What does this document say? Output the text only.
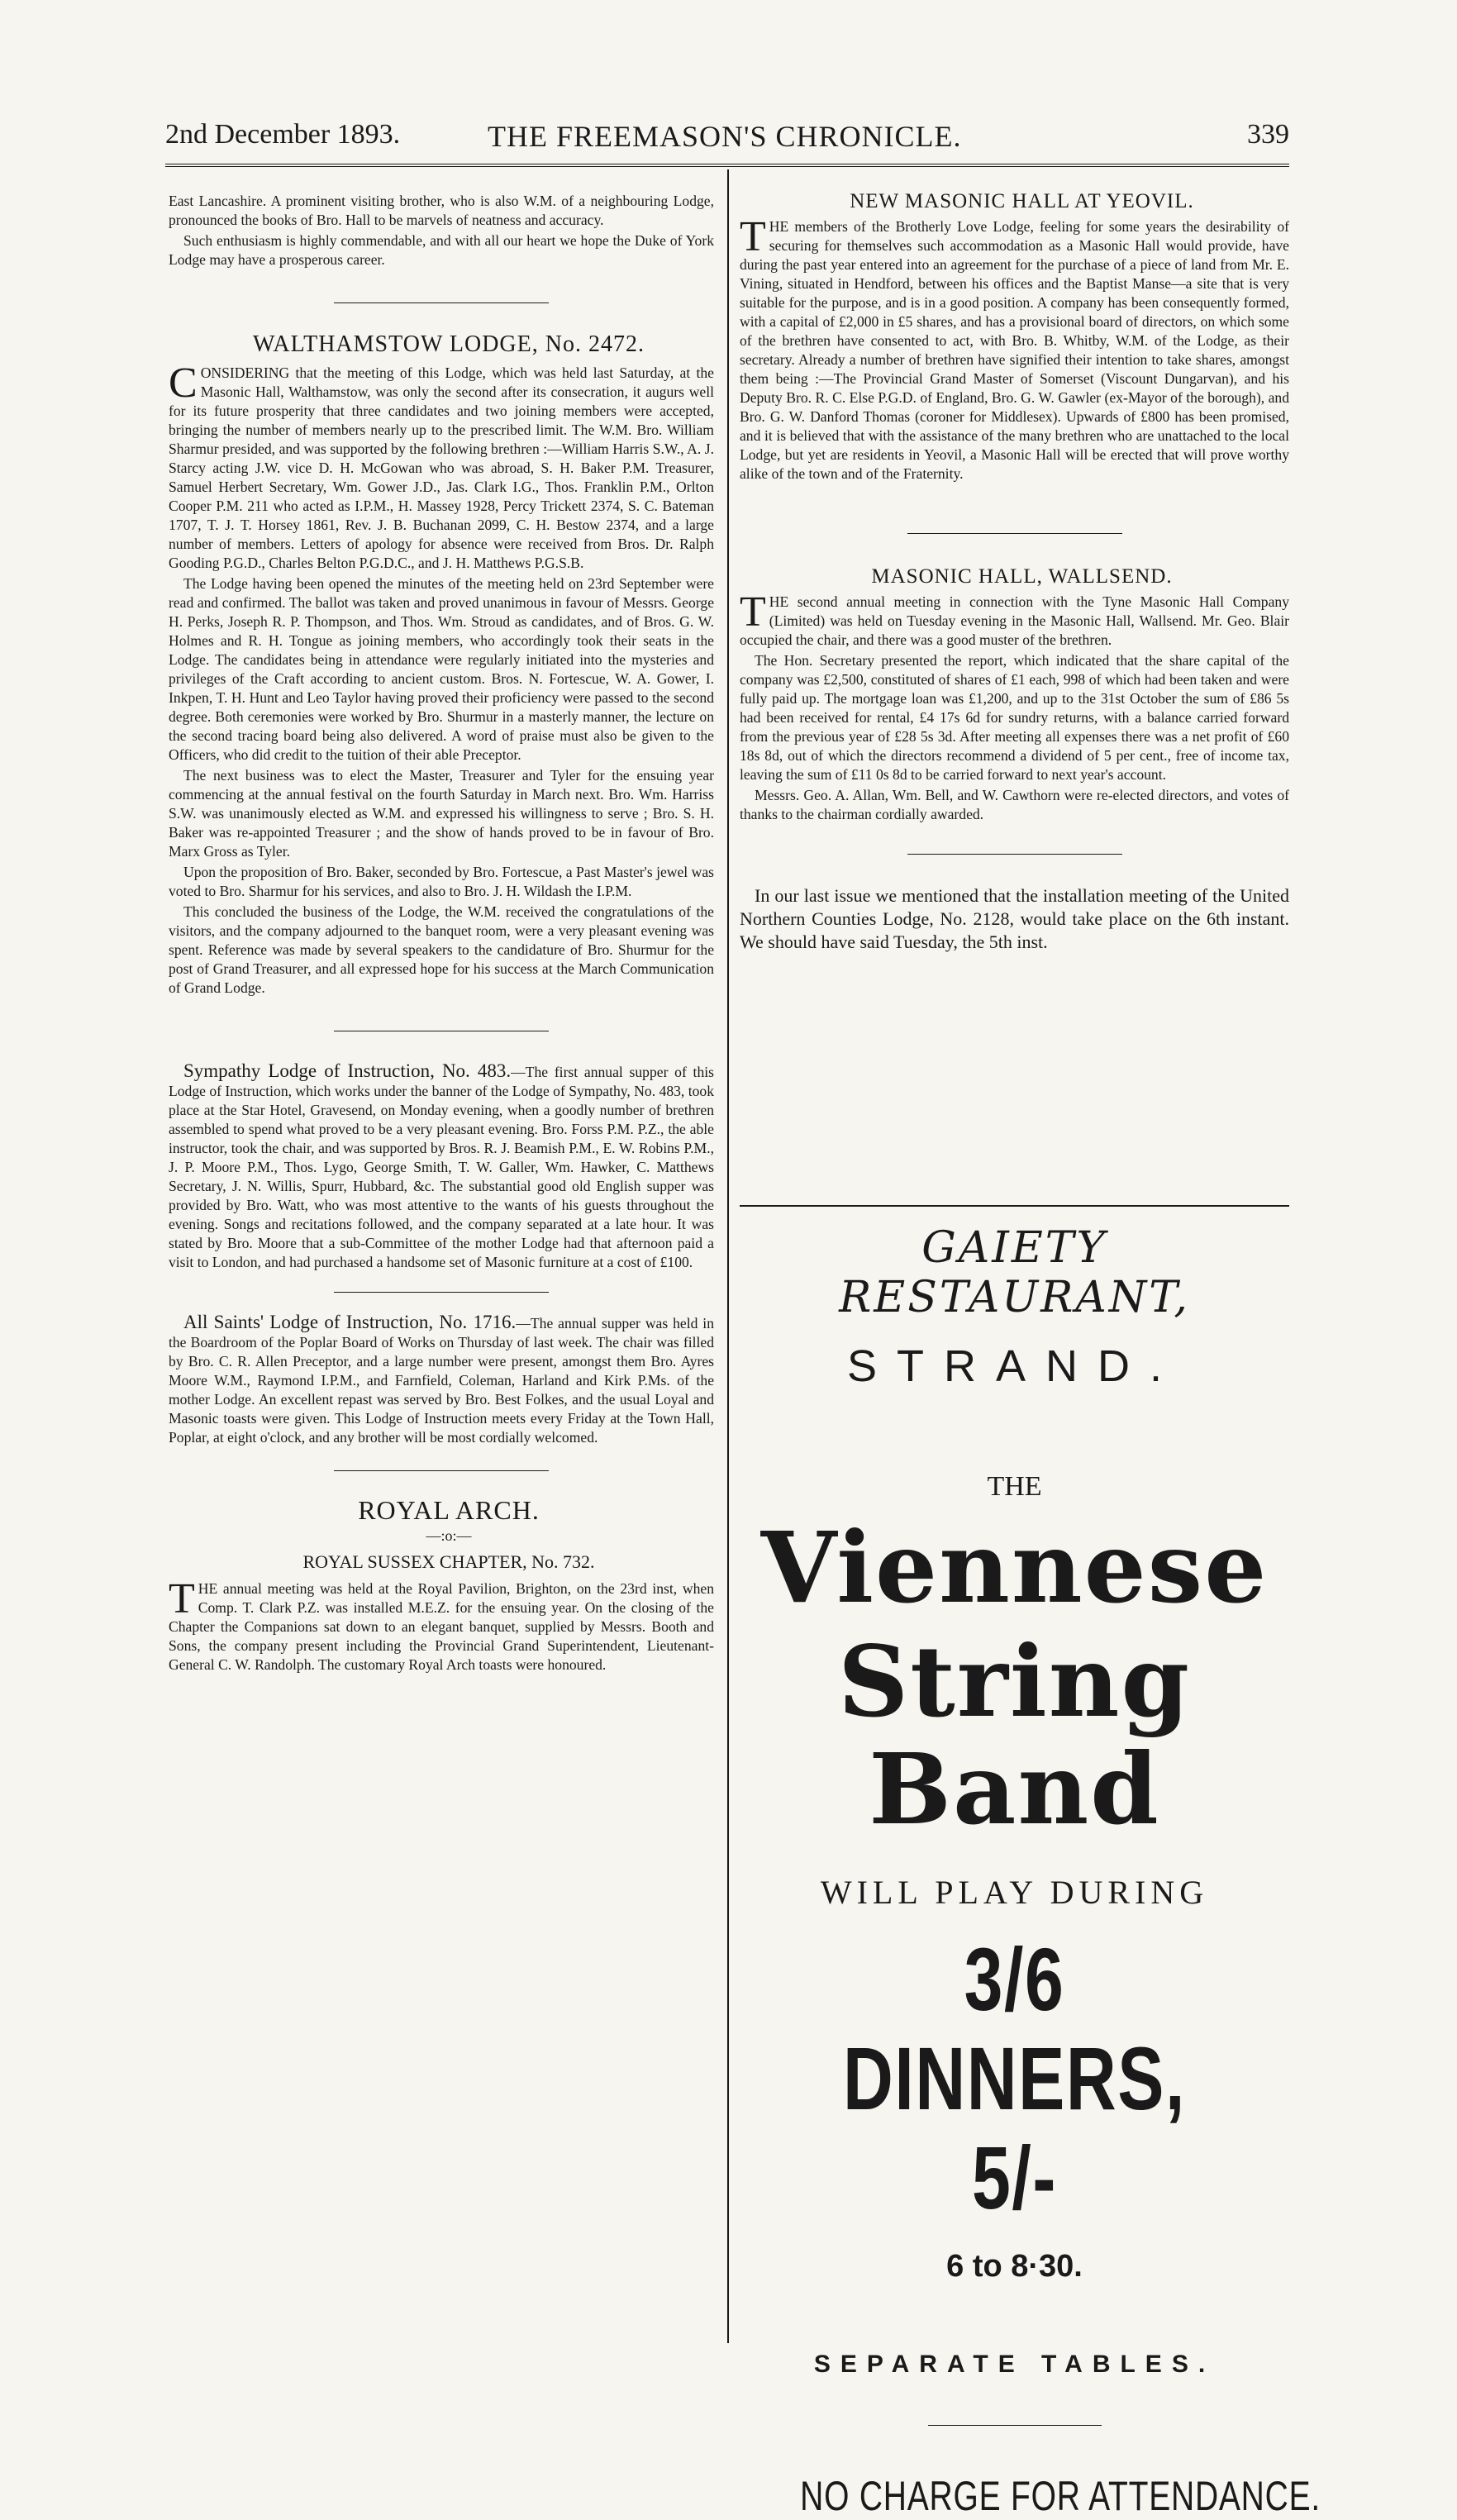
2nd December 1893.	THE FREEMASON'S CHRONICLE.	339

East Lancashire. A prominent visiting brother, who is also W.M. of a neighbouring Lodge, pronounced the books of Bro. Hall to be marvels of neatness and accuracy.

Such enthusiasm is highly commendable, and with all our heart we hope the Duke of York Lodge may have a prosperous career.

WALTHAMSTOW LODGE, No. 2472.

CONSIDERING that the meeting of this Lodge, which was held last Saturday, at the Masonic Hall, Walthamstow, was only the second after its consecration, it augurs well for its future prosperity that three candidates and two joining members were accepted, bringing the number of members nearly up to the prescribed limit. The W.M. Bro. William Sharmur presided, and was supported by the following brethren :—William Harris S.W., A. J. Starcy acting J.W. vice D. H. McGowan who was abroad, S. H. Baker P.M. Treasurer, Samuel Herbert Secretary, Wm. Gower J.D., Jas. Clark I.G., Thos. Franklin P.M., Orlton Cooper P.M. 211 who acted as I.P.M., H. Massey 1928, Percy Trickett 2374, S. C. Bateman 1707, T. J. T. Horsey 1861, Rev. J. B. Buchanan 2099, C. H. Bestow 2374, and a large number of members. Letters of apology for absence were received from Bros. Dr. Ralph Gooding P.G.D., Charles Belton P.G.D.C., and J. H. Matthews P.G.S.B.

The Lodge having been opened the minutes of the meeting held on 23rd September were read and confirmed. The ballot was taken and proved unanimous in favour of Messrs. George H. Perks, Joseph R. P. Thompson, and Thos. Wm. Stroud as candidates, and of Bros. G. W. Holmes and R. H. Tongue as joining members, who accordingly took their seats in the Lodge. The candidates being in attendance were regularly initiated into the mysteries and privileges of the Craft according to ancient custom. Bros. N. Fortescue, W. A. Gower, I. Inkpen, T. H. Hunt and Leo Taylor having proved their proficiency were passed to the second degree. Both ceremonies were worked by Bro. Shurmur in a masterly manner, the lecture on the second tracing board being also delivered. A word of praise must also be given to the Officers, who did credit to the tuition of their able Preceptor.

The next business was to elect the Master, Treasurer and Tyler for the ensuing year commencing at the annual festival on the fourth Saturday in March next. Bro. Wm. Harriss S.W. was unanimously elected as W.M. and expressed his willingness to serve ; Bro. S. H. Baker was re-appointed Treasurer ; and the show of hands proved to be in favour of Bro. Marx Gross as Tyler.

Upon the proposition of Bro. Baker, seconded by Bro. Fortescue, a Past Master's jewel was voted to Bro. Sharmur for his services, and also to Bro. J. H. Wildash the I.P.M.

This concluded the business of the Lodge, the W.M. received the congratulations of the visitors, and the company adjourned to the banquet room, were a very pleasant evening was spent. Reference was made by several speakers to the candidature of Bro. Shurmur for the post of Grand Treasurer, and all expressed hope for his success at the March Communication of Grand Lodge.

Sympathy Lodge of Instruction, No. 483.—The first annual supper of this Lodge of Instruction, which works under the banner of the Lodge of Sympathy, No. 483, took place at the Star Hotel, Gravesend, on Monday evening, when a goodly number of brethren assembled to spend what proved to be a very pleasant evening. Bro. Forss P.M. P.Z., the able instructor, took the chair, and was supported by Bros. R. J. Beamish P.M., E. W. Robins P.M., J. P. Moore P.M., Thos. Lygo, George Smith, T. W. Galler, Wm. Hawker, C. Matthews Secretary, J. N. Willis, Spurr, Hubbard, &c. The substantial good old English supper was provided by Bro. Watt, who was most attentive to the wants of his guests throughout the evening. Songs and recitations followed, and the company separated at a late hour. It was stated by Bro. Moore that a sub-Committee of the mother Lodge had that afternoon paid a visit to London, and had purchased a handsome set of Masonic furniture at a cost of £100.

All Saints' Lodge of Instruction, No. 1716.—The annual supper was held in the Boardroom of the Poplar Board of Works on Thursday of last week. The chair was filled by Bro. C. R. Allen Preceptor, and a large number were present, amongst them Bro. Ayres Moore W.M., Raymond I.P.M., and Farnfield, Coleman, Harland and Kirk P.Ms. of the mother Lodge. An excellent repast was served by Bro. Best Folkes, and the usual Loyal and Masonic toasts were given. This Lodge of Instruction meets every Friday at the Town Hall, Poplar, at eight o'clock, and any brother will be most cordially welcomed.

ROYAL ARCH.

—:o:—

ROYAL SUSSEX CHAPTER, No. 732.

THE annual meeting was held at the Royal Pavilion, Brighton, on the 23rd inst, when Comp. T. Clark P.Z. was installed M.E.Z. for the ensuing year. On the closing of the Chapter the Companions sat down to an elegant banquet, supplied by Messrs. Booth and Sons, the company present including the Provincial Grand Superintendent, Lieutenant-General C. W. Randolph. The customary Royal Arch toasts were honoured.

NEW MASONIC HALL AT YEOVIL.

THE members of the Brotherly Love Lodge, feeling for some years the desirability of securing for themselves such accommodation as a Masonic Hall would provide, have during the past year entered into an agreement for the purchase of a piece of land from Mr. E. Vining, situated in Hendford, between his offices and the Baptist Manse—a site that is very suitable for the purpose, and is in a good position. A company has been consequently formed, with a capital of £2,000 in £5 shares, and has a provisional board of directors, on which some of the brethren have consented to act, with Bro. B. Whitby, W.M. of the Lodge, as their secretary. Already a number of brethren have signified their intention to take shares, amongst them being :—The Provincial Grand Master of Somerset (Viscount Dungarvan), and his Deputy Bro. R. C. Else P.G.D. of England, Bro. G. W. Gawler (ex-Mayor of the borough), and Bro. G. W. Danford Thomas (coroner for Middlesex). Upwards of £800 has been promised, and it is believed that with the assistance of the many brethren who are unattached to the local Lodge, but yet are residents in Yeovil, a Masonic Hall will be erected that will prove worthy alike of the town and of the Fraternity.

MASONIC HALL, WALLSEND.

THE second annual meeting in connection with the Tyne Masonic Hall Company (Limited) was held on Tuesday evening in the Masonic Hall, Wallsend. Mr. Geo. Blair occupied the chair, and there was a good muster of the brethren.

The Hon. Secretary presented the report, which indicated that the share capital of the company was £2,500, constituted of shares of £1 each, 998 of which had been taken and were fully paid up. The mortgage loan was £1,200, and up to the 31st October the sum of £86 5s had been received for rental, £4 17s 6d for sundry returns, with a balance carried forward from the previous year of £28 5s 3d. After meeting all expenses there was a net profit of £60 18s 8d, out of which the directors recommend a dividend of 5 per cent., free of income tax, leaving the sum of £11 0s 8d to be carried forward to next year's account.

Messrs. Geo. A. Allan, Wm. Bell, and W. Cawthorn were re-elected directors, and votes of thanks to the chairman cordially awarded.

In our last issue we mentioned that the installation meeting of the United Northern Counties Lodge, No. 2128, would take place on the 6th instant. We should have said Tuesday, the 5th inst.

GAIETY RESTAURANT,
STRAND.
THE
Viennese
String Band
WILL PLAY DURING
3/6 DINNERS, 5/-
6 to 8·30.
SEPARATE TABLES.
NO CHARGE FOR ATTENDANCE.
